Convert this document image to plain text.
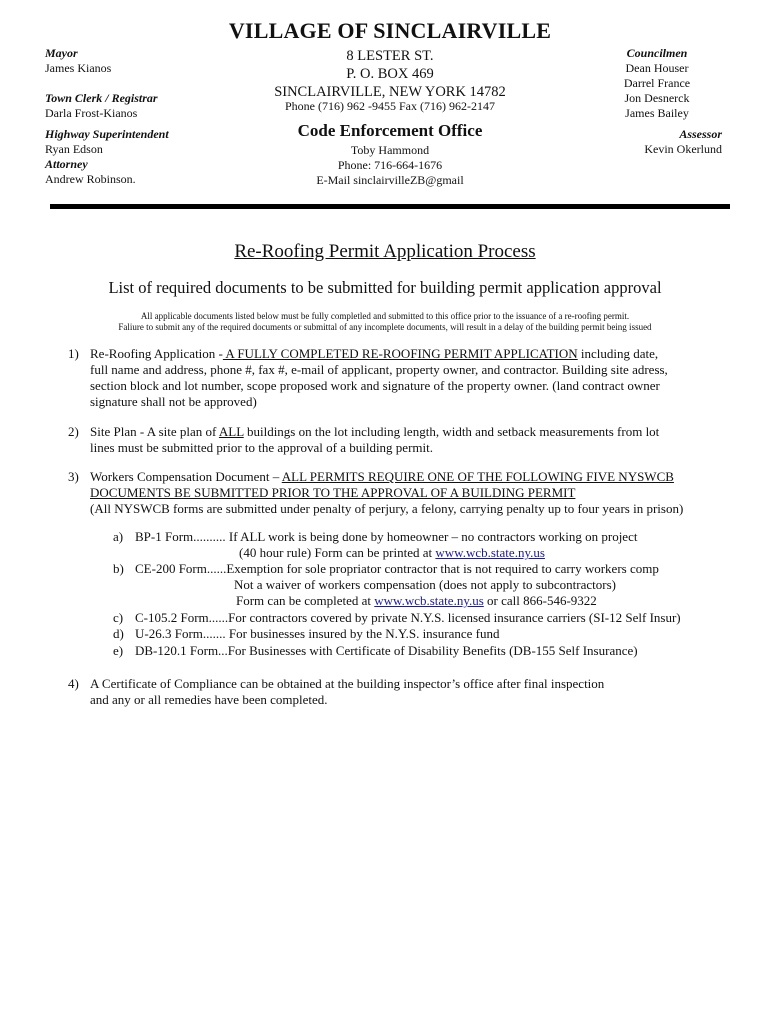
VILLAGE OF SINCLAIRVILLE
Mayor
James Kianos
Town Clerk / Registrar
Darla Frost-Kianos
Highway Superintendent
Ryan Edson
Attorney
Andrew Robinson.
8 LESTER ST.
P. O. BOX 469
SINCLAIRVILLE, NEW YORK 14782
Phone (716) 962 -9455 Fax (716) 962-2147
Code Enforcement Office
Toby Hammond
Phone: 716-664-1676
E-Mail sinclairvilleZB@gmail
Councilmen
Dean Houser
Darrel France
Jon Desnerck
James Bailey
Assessor
Kevin Okerlund
Re-Roofing Permit Application Process
List of required documents to be submitted for building permit application approval
All applicable documents listed below must be fully completled and submitted to this office prior to the issuance of a re-roofing permit.
Faliure to submit any of the required documents or submittal of any incomplete documents, will result in a delay of the building permit being issued
1) Re-Roofing Application - A FULLY COMPLETED RE-ROOFING PERMIT APPLICATION including date,
full name and address, phone #, fax #, e-mail of applicant, property owner, and contractor. Building site adress,
section block and lot number, scope proposed work and signature of the property owner. (land contract owner
signature shall not be approved)
2) Site Plan - A site plan of ALL buildings on the lot including length, width and setback measurements from lot
lines must be submitted prior to the approval of a building permit.
3) Workers Compensation Document – ALL PERMITS REQUIRE ONE OF THE FOLLOWING FIVE NYSWCB
DOCUMENTS BE SUBMITTED PRIOR TO THE APPROVAL OF A BUILDING PERMIT
(All NYSWCB forms are submitted under penalty of perjury, a felony, carrying penalty up to four years in prison)
a) BP-1 Form.......... If ALL work is being done by homeowner – no contractors working on project
(40 hour rule) Form can be printed at www.wcb.state.ny.us
b) CE-200 Form......Exemption for sole propriator contractor that is not required to carry workers comp
Not a waiver of workers compensation (does not apply to subcontractors)
Form can be completed at www.wcb.state.ny.us or call 866-546-9322
c) C-105.2 Form......For contractors covered by private N.Y.S. licensed insurance carriers (SI-12 Self Insur)
d) U-26.3 Form....... For businesses insured by the N.Y.S. insurance fund
e) DB-120.1 Form...For Businesses with Certificate of Disability Benefits (DB-155 Self Insurance)
4) A Certificate of Compliance can be obtained at the building inspector’s office after final inspection
and any or all remedies have been completed.
